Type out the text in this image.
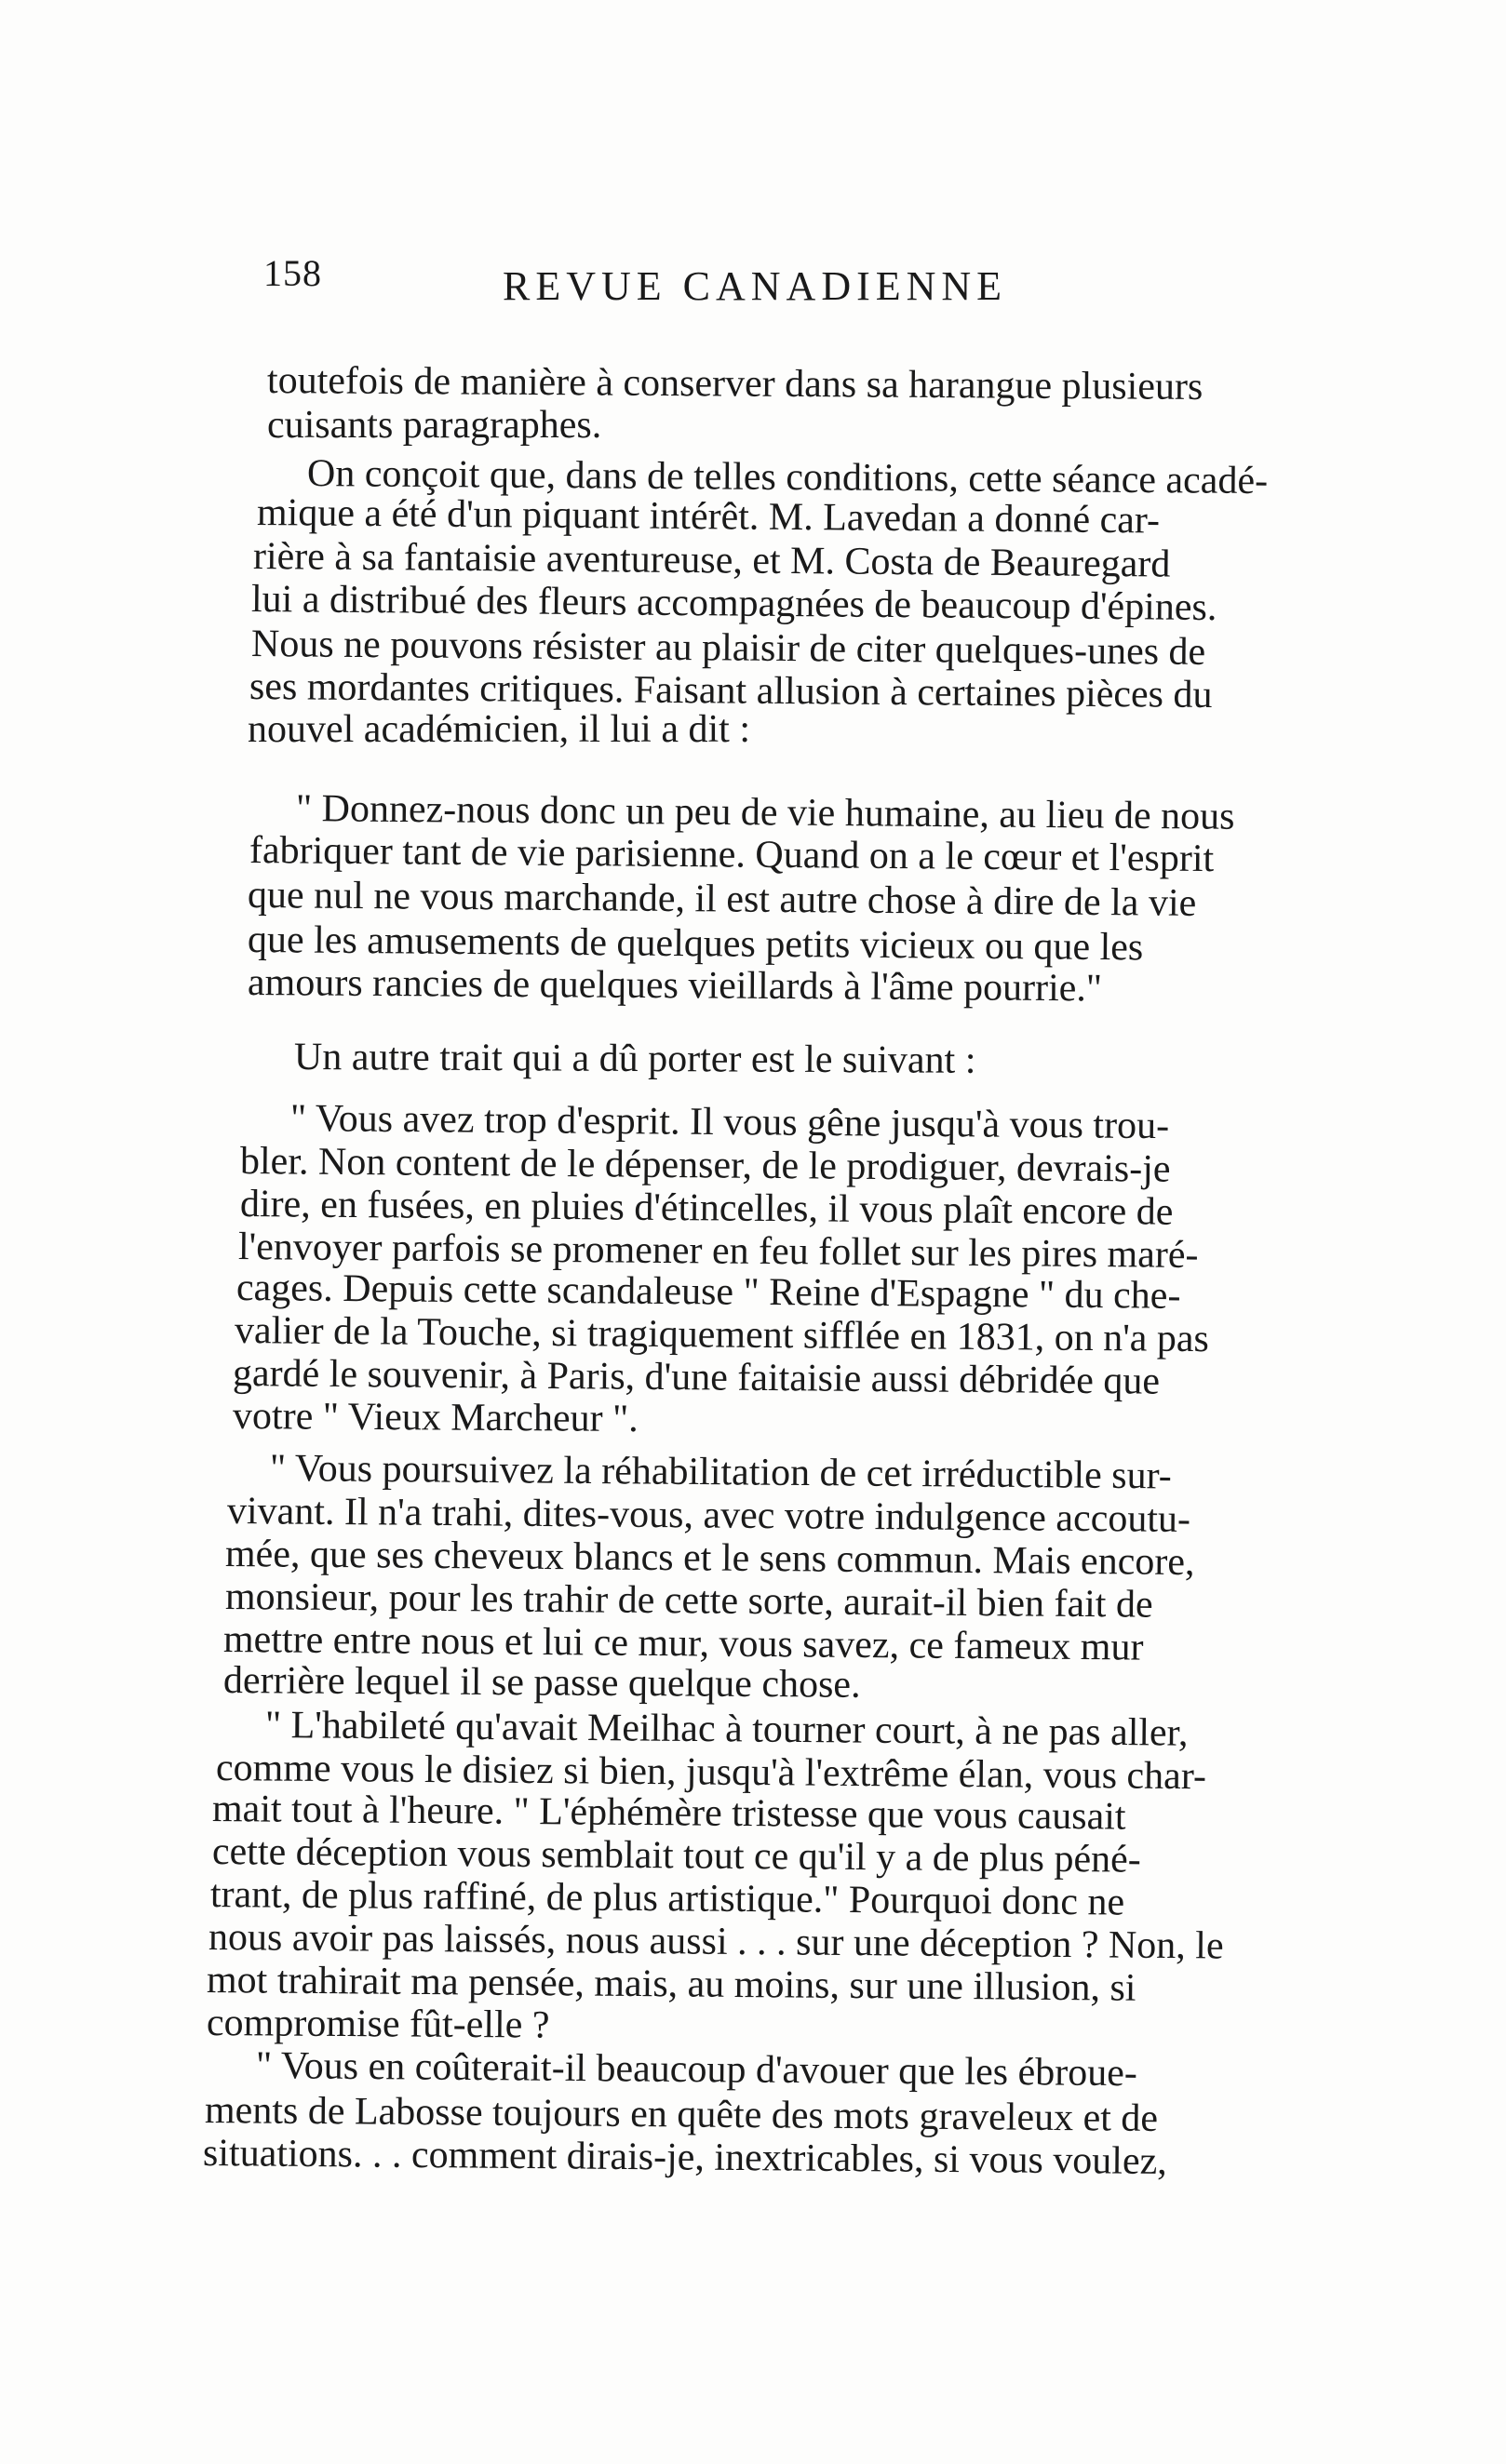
158	REVUE CANADIENNE
toutefois de manière à conserver dans sa harangue plusieurs
cuisants paragraphes.
On conçoit que, dans de telles conditions, cette séance acadé-
mique a été d'un piquant intérêt. M. Lavedan a donné car-
rière à sa fantaisie aventureuse, et M. Costa de Beauregard
lui a distribué des fleurs accompagnées de beaucoup d'épines.
Nous ne pouvons résister au plaisir de citer quelques-unes de
ses mordantes critiques. Faisant allusion à certaines pièces du
nouvel académicien, il lui a dit :
" Donnez-nous donc un peu de vie humaine, au lieu de nous
fabriquer tant de vie parisienne. Quand on a le cœur et l'esprit
que nul ne vous marchande, il est autre chose à dire de la vie
que les amusements de quelques petits vicieux ou que les
amours rancies de quelques vieillards à l'âme pourrie."
Un autre trait qui a dû porter est le suivant :
" Vous avez trop d'esprit. Il vous gêne jusqu'à vous trou-
bler. Non content de le dépenser, de le prodiguer, devrais-je
dire, en fusées, en pluies d'étincelles, il vous plaît encore de
l'envoyer parfois se promener en feu follet sur les pires maré-
cages. Depuis cette scandaleuse " Reine d'Espagne " du che-
valier de la Touche, si tragiquement sifflée en 1831, on n'a pas
gardé le souvenir, à Paris, d'une faitaisie aussi débridée que
votre " Vieux Marcheur ".
" Vous poursuivez la réhabilitation de cet irréductible sur-
vivant. Il n'a trahi, dites-vous, avec votre indulgence accoutu-
mée, que ses cheveux blancs et le sens commun. Mais encore,
monsieur, pour les trahir de cette sorte, aurait-il bien fait de
mettre entre nous et lui ce mur, vous savez, ce fameux mur
derrière lequel il se passe quelque chose.
" L'habileté qu'avait Meilhac à tourner court, à ne pas aller,
comme vous le disiez si bien, jusqu'à l'extrême élan, vous char-
mait tout à l'heure. " L'éphémère tristesse que vous causait
cette déception vous semblait tout ce qu'il y a de plus péné-
trant, de plus raffiné, de plus artistique." Pourquoi donc ne
nous avoir pas laissés, nous aussi . . . sur une déception ? Non, le
mot trahirait ma pensée, mais, au moins, sur une illusion, si
compromise fût-elle ?
" Vous en coûterait-il beaucoup d'avouer que les ébroue-
ments de Labosse toujours en quête des mots graveleux et de
situations. . . comment dirais-je, inextricables, si vous voulez,
